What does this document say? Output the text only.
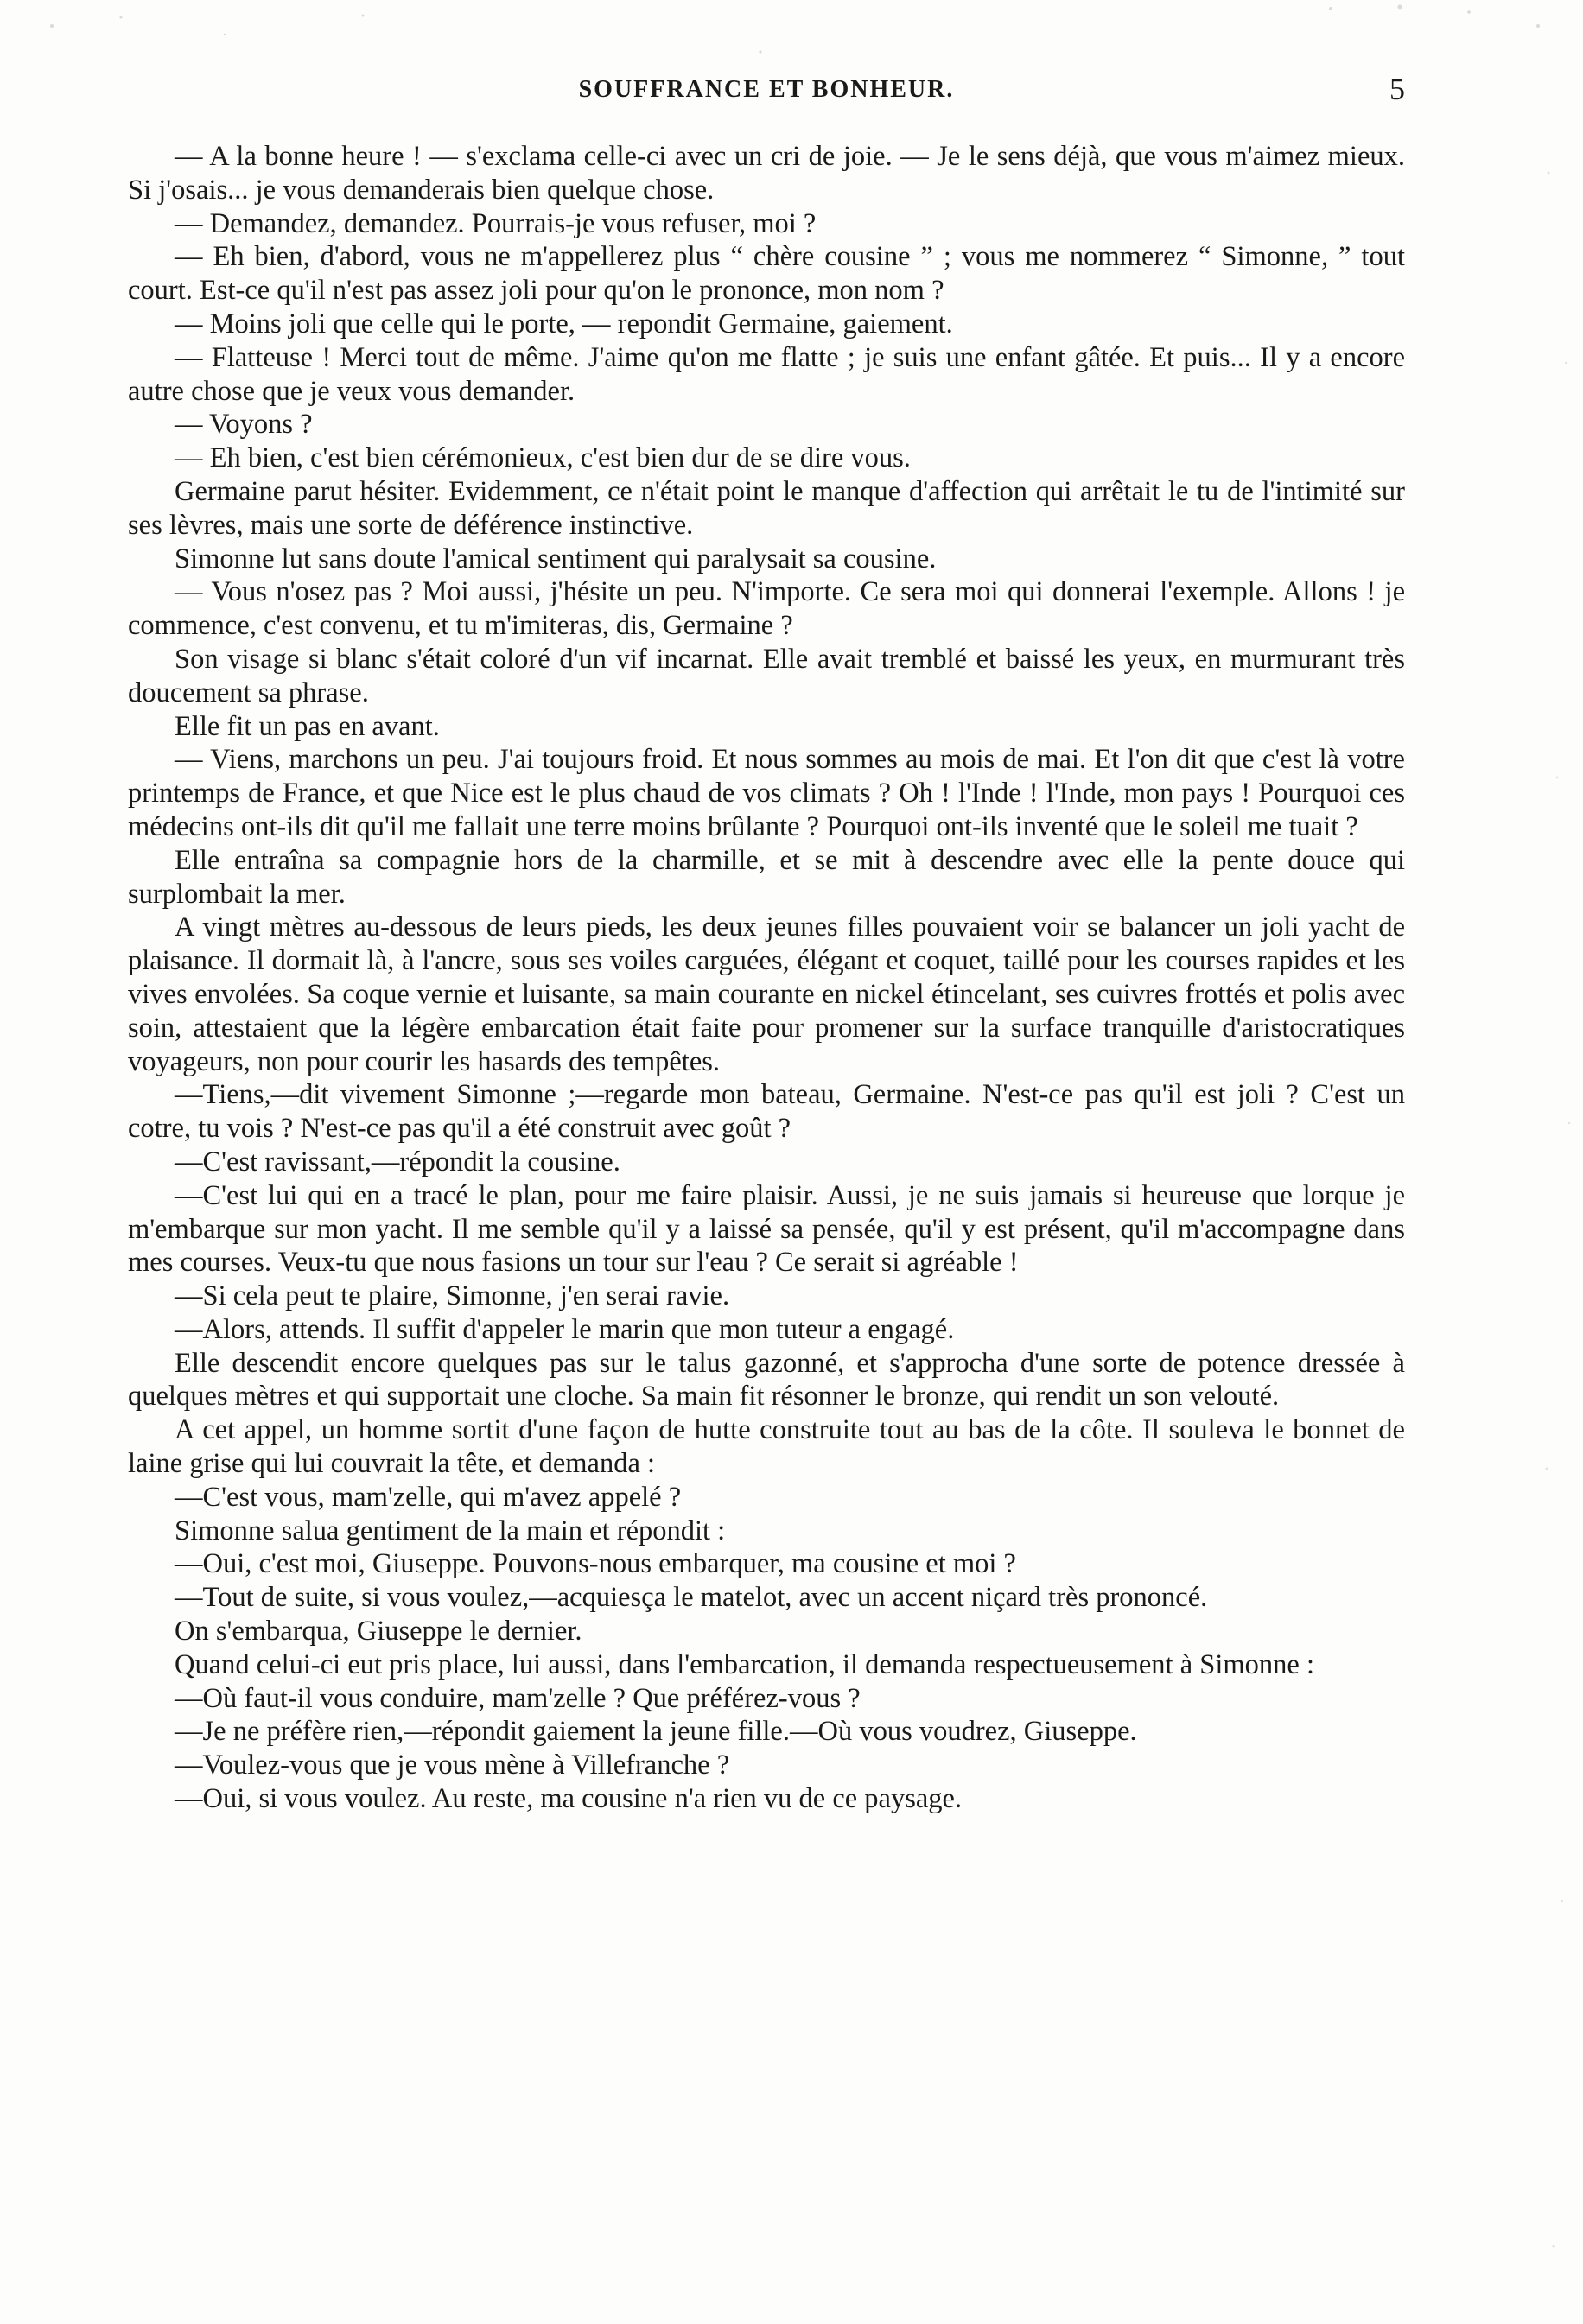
SOUFFRANCE ET BONHEUR.	5

— A la bonne heure ! — s'exclama celle-ci avec un cri de joie. — Je le sens déjà, que vous m'aimez mieux. Si j'osais... je vous demanderais bien quelque chose.

— Demandez, demandez. Pourrais-je vous refuser, moi ?

— Eh bien, d'abord, vous ne m'appellerez plus “ chère cousine ” ; vous me nommerez “ Simonne, ” tout court. Est-ce qu'il n'est pas assez joli pour qu'on le prononce, mon nom ?

— Moins joli que celle qui le porte, — repondit Germaine, gaiement.

— Flatteuse ! Merci tout de même. J'aime qu'on me flatte ; je suis une enfant gâtée. Et puis... Il y a encore autre chose que je veux vous demander.

— Voyons ?

— Eh bien, c'est bien cérémonieux, c'est bien dur de se dire vous.

Germaine parut hésiter. Evidemment, ce n'était point le manque d'affection qui arrêtait le tu de l'intimité sur ses lèvres, mais une sorte de déférence instinctive.

Simonne lut sans doute l'amical sentiment qui paralysait sa cousine.

— Vous n'osez pas ? Moi aussi, j'hésite un peu. N'importe. Ce sera moi qui donnerai l'exemple. Allons ! je commence, c'est convenu, et tu m'imiteras, dis, Germaine ?

Son visage si blanc s'était coloré d'un vif incarnat. Elle avait tremblé et baissé les yeux, en murmurant très doucement sa phrase.

Elle fit un pas en avant.

— Viens, marchons un peu. J'ai toujours froid. Et nous sommes au mois de mai. Et l'on dit que c'est là votre printemps de France, et que Nice est le plus chaud de vos climats ? Oh ! l'Inde ! l'Inde, mon pays ! Pourquoi ces médecins ont-ils dit qu'il me fallait une terre moins brûlante ? Pourquoi ont-ils inventé que le soleil me tuait ?

Elle entraîna sa compagnie hors de la charmille, et se mit à descendre avec elle la pente douce qui surplombait la mer.

A vingt mètres au-dessous de leurs pieds, les deux jeunes filles pouvaient voir se balancer un joli yacht de plaisance. Il dormait là, à l'ancre, sous ses voiles carguées, élégant et coquet, taillé pour les courses rapides et les vives envolées. Sa coque vernie et luisante, sa main courante en nickel étincelant, ses cuivres frottés et polis avec soin, attestaient que la légère embarcation était faite pour promener sur la surface tranquille d'aristocratiques voyageurs, non pour courir les hasards des tempêtes.

—Tiens,—dit vivement Simonne ;—regarde mon bateau, Germaine. N'est-ce pas qu'il est joli ? C'est un cotre, tu vois ? N'est-ce pas qu'il a été construit avec goût ?

—C'est ravissant,—répondit la cousine.

—C'est lui qui en a tracé le plan, pour me faire plaisir. Aussi, je ne suis jamais si heureuse que lorque je m'embarque sur mon yacht. Il me semble qu'il y a laissé sa pensée, qu'il y est présent, qu'il m'accompagne dans mes courses. Veux-tu que nous fasions un tour sur l'eau ? Ce serait si agréable !

—Si cela peut te plaire, Simonne, j'en serai ravie.

—Alors, attends. Il suffit d'appeler le marin que mon tuteur a engagé.

Elle descendit encore quelques pas sur le talus gazonné, et s'approcha d'une sorte de potence dressée à quelques mètres et qui supportait une cloche. Sa main fit résonner le bronze, qui rendit un son velouté.

A cet appel, un homme sortit d'une façon de hutte construite tout au bas de la côte. Il souleva le bonnet de laine grise qui lui couvrait la tête, et demanda :

—C'est vous, mam'zelle, qui m'avez appelé ?

Simonne salua gentiment de la main et répondit :

—Oui, c'est moi, Giuseppe. Pouvons-nous embarquer, ma cousine et moi ?

—Tout de suite, si vous voulez,—acquiesça le matelot, avec un accent niçard très prononcé.

On s'embarqua, Giuseppe le dernier.

Quand celui-ci eut pris place, lui aussi, dans l'embarcation, il demanda respectueusement à Simonne :

—Où faut-il vous conduire, mam'zelle ? Que préférez-vous ?

—Je ne préfère rien,—répondit gaiement la jeune fille.—Où vous voudrez, Giuseppe.

—Voulez-vous que je vous mène à Villefranche ?

—Oui, si vous voulez. Au reste, ma cousine n'a rien vu de ce paysage.
